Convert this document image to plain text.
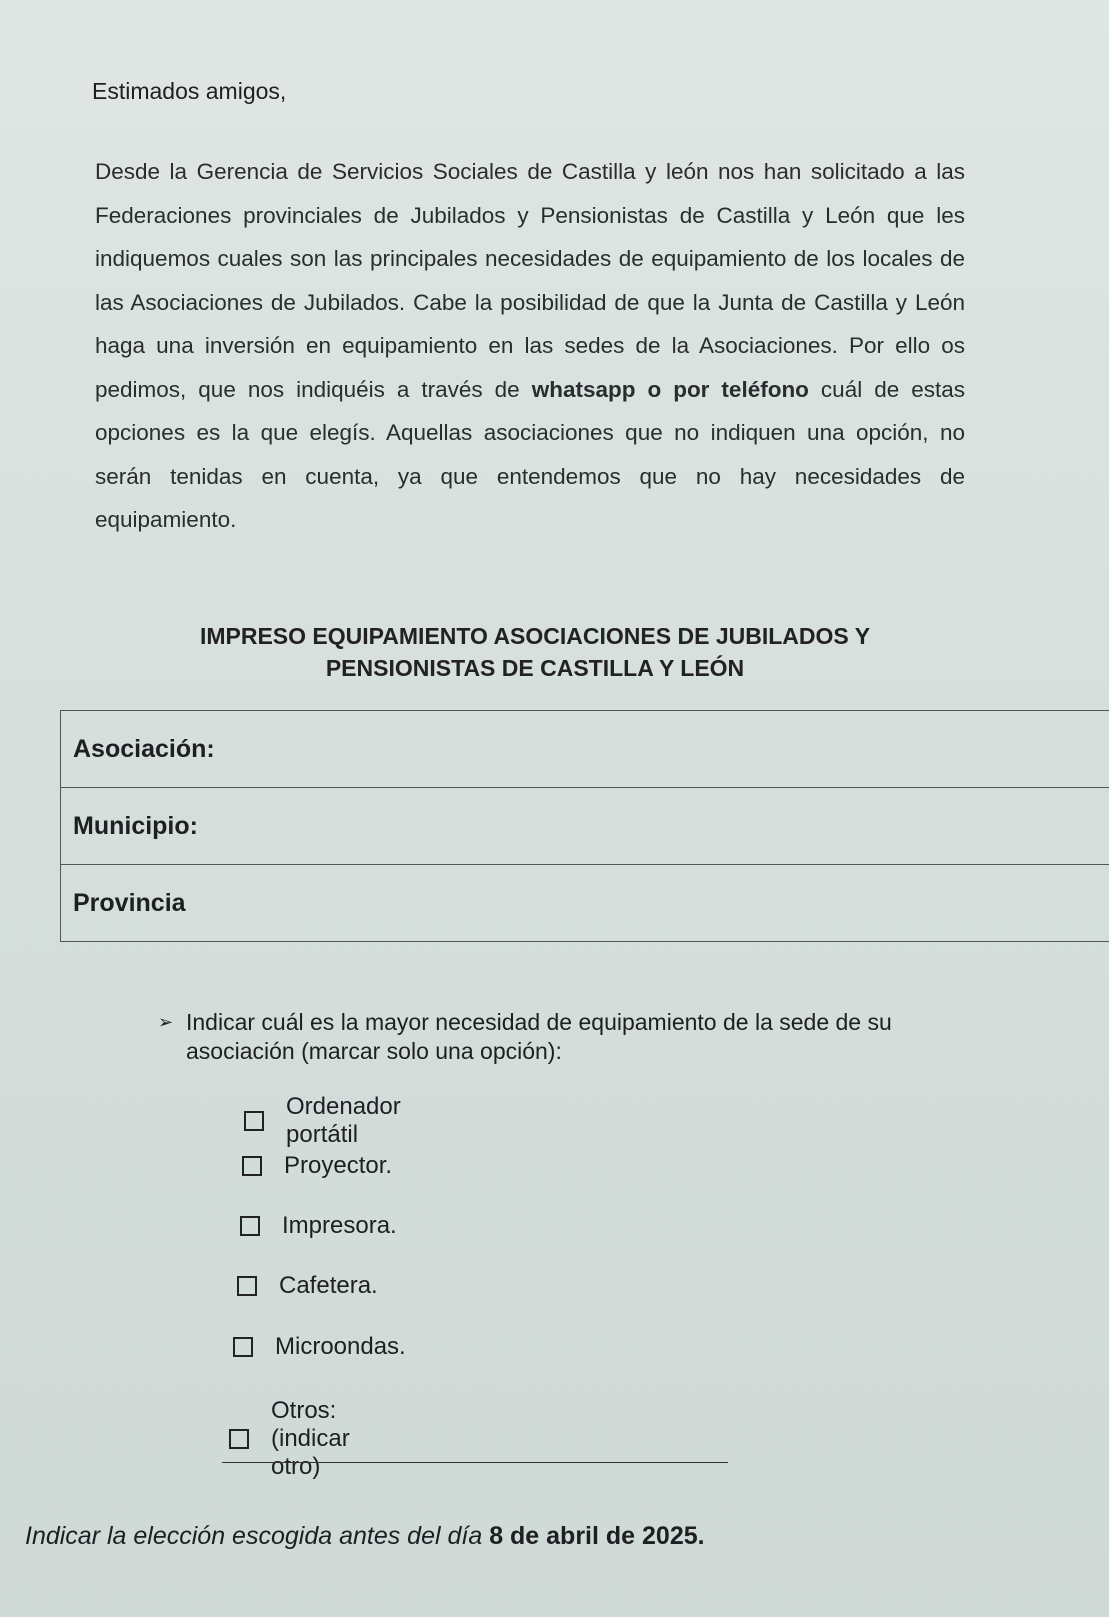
Estimados amigos,
Desde la Gerencia de Servicios Sociales de Castilla y león nos han solicitado a las Federaciones provinciales de Jubilados y Pensionistas de Castilla y León que les indiquemos cuales son las principales necesidades de equipamiento de los locales de las Asociaciones de Jubilados. Cabe la posibilidad de que la Junta de Castilla y León haga una inversión en equipamiento en las sedes de la Asociaciones. Por ello os pedimos, que nos indiquéis a través de whatsapp o por teléfono cuál de estas opciones es la que elegís. Aquellas asociaciones que no indiquen una opción, no serán tenidas en cuenta, ya que entendemos que no hay necesidades de equipamiento.
IMPRESO EQUIPAMIENTO ASOCIACIONES DE JUBILADOS Y
PENSIONISTAS DE CASTILLA Y LEÓN
Asociación:
Municipio:
Provincia
➢ Indicar cuál es la mayor necesidad de equipamiento de la sede de su asociación (marcar solo una opción):
Ordenador portátil
Proyector.
Impresora.
Cafetera.
Microondas.
Otros: (indicar otro)
Indicar la elección escogida antes del día 8 de abril de 2025.
